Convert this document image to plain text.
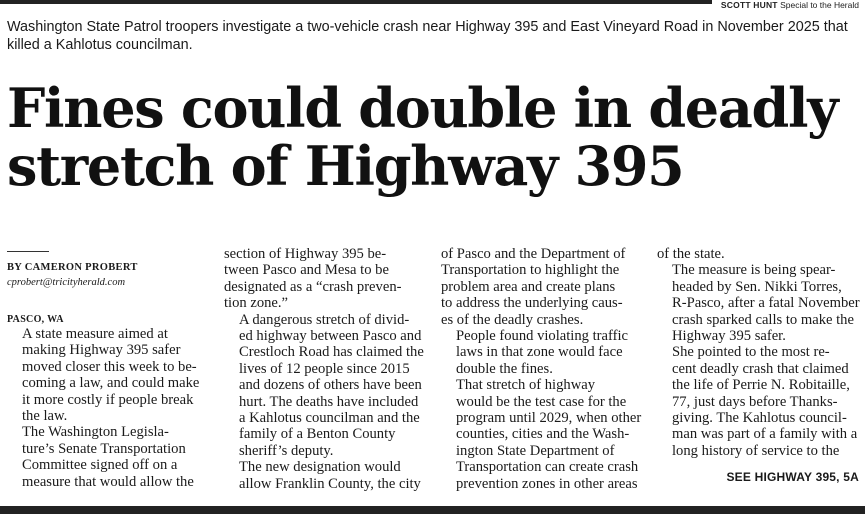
SCOTT HUNT Special to the Herald
Washington State Patrol troopers investigate a two-vehicle crash near Highway 395 and East Vineyard Road in November 2025 that killed a Kahlotus councilman.
Fines could double in deadly
stretch of Highway 395

BY CAMERON PROBERT

cprobert@tricityherald.com
PASCO, WA

A state measure aimed at
making Highway 395 safer
moved closer this week to be-
coming a law, and could make
it more costly if people break
the law.

The Washington Legisla-
ture’s Senate Transportation
Committee signed off on a
measure that would allow the

section of Highway 395 be-
tween Pasco and Mesa to be
designated as a “crash preven-
tion zone.”

A dangerous stretch of divid-
ed highway between Pasco and
Crestloch Road has claimed the
lives of 12 people since 2015
and dozens of others have been
hurt. The deaths have included
a Kahlotus councilman and the
family of a Benton County
sheriff’s deputy.

The new designation would
allow Franklin County, the city

of Pasco and the Department of
Transportation to highlight the
problem area and create plans
to address the underlying caus-
es of the deadly crashes.

People found violating traffic
laws in that zone would face
double the fines.

That stretch of highway
would be the test case for the
program until 2029, when other
counties, cities and the Wash-
ington State Department of
Transportation can create crash
prevention zones in other areas

of the state.

The measure is being spear-
headed by Sen. Nikki Torres,
R-Pasco, after a fatal November
crash sparked calls to make the
Highway 395 safer.

She pointed to the most re-
cent deadly crash that claimed
the life of Perrie N. Robitaille,
77, just days before Thanks-
giving. The Kahlotus council-
man was part of a family with a
long history of service to the

SEE HIGHWAY 395, 5A
